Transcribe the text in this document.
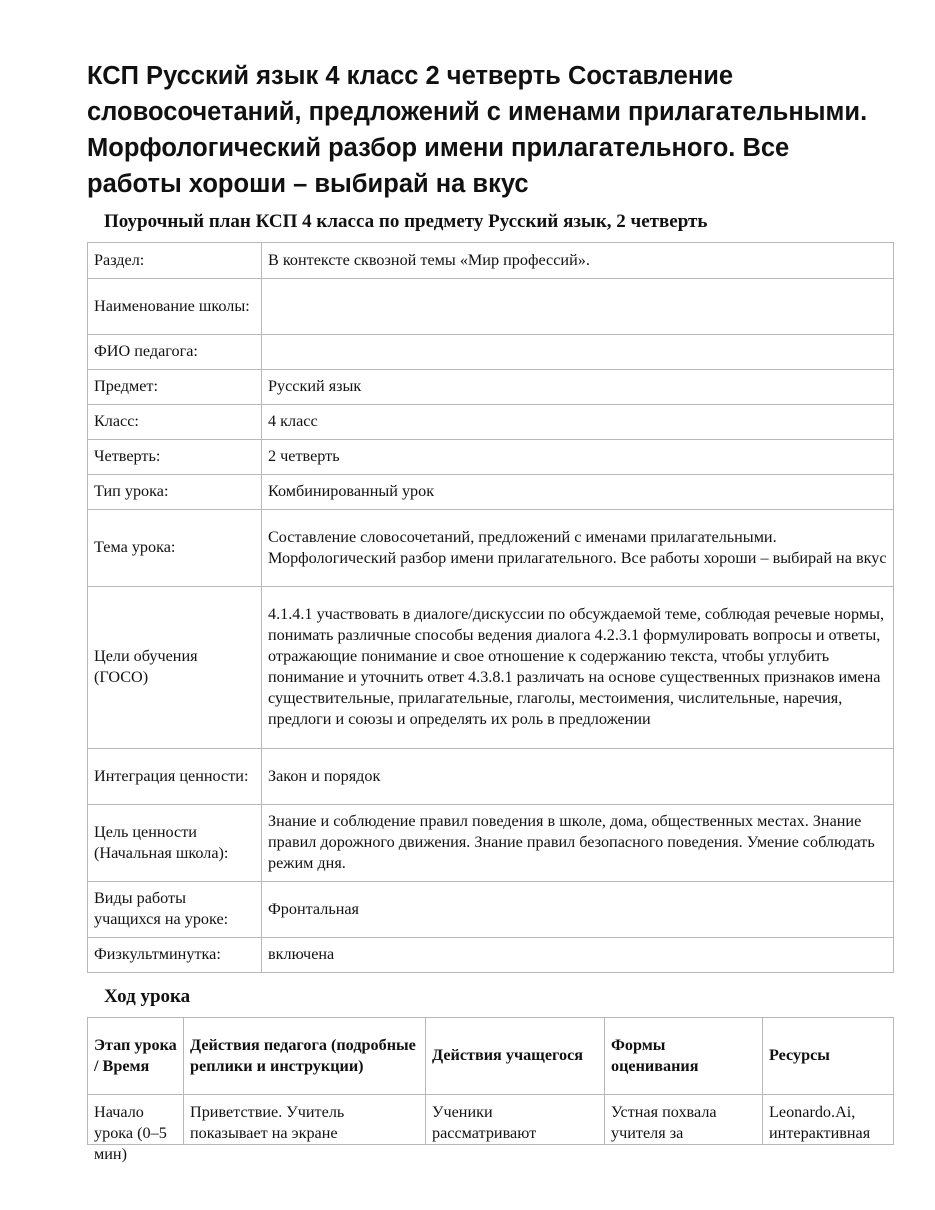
КСП Русский язык 4 класс 2 четверть Составление словосочетаний, предложений с именами прилагательными. Морфологический разбор имени прилагательного. Все работы хороши – выбирай на вкус
Поурочный план КСП 4 класса по предмету Русский язык, 2 четверть
Раздел:	В контексте сквозной темы «Мир профессий».
Наименование школы:	
ФИО педагога:	
Предмет:	Русский язык
Класс:	4 класс
Четверть:	2 четверть
Тип урока:	Комбинированный урок
Тема урока:	Составление словосочетаний, предложений с именами прилагательными. Морфологический разбор имени прилагательного. Все работы хороши – выбирай на вкус
Цели обучения (ГОСО)	4.1.4.1 участвовать в диалоге/дискуссии по обсуждаемой теме, соблюдая речевые нормы, понимать различные способы ведения диалога 4.2.3.1 формулировать вопросы и ответы, отражающие понимание и свое отношение к содержанию текста, чтобы углубить понимание и уточнить ответ 4.3.8.1 различать на основе существенных признаков имена существительные, прилагательные, глаголы, местоимения, числительные, наречия, предлоги и союзы и определять их роль в предложении
Интеграция ценности:	Закон и порядок
Цель ценности (Начальная школа):	Знание и соблюдение правил поведения в школе, дома, общественных местах. Знание правил дорожного движения. Знание правил безопасного поведения. Умение соблюдать режим дня.
Виды работы учащихся на уроке:	Фронтальная
Физкультминутка:	включена
Ход урока
Этап урока / Время	Действия педагога (подробные реплики и инструкции)	Действия учащегося	Формы оценивания	Ресурсы

Начало урока (0–5 мин)	Приветствие. Учитель показывает на экране	Ученики рассматривают	Устная похвала учителя за	Leonardo.Ai, интерактивная
